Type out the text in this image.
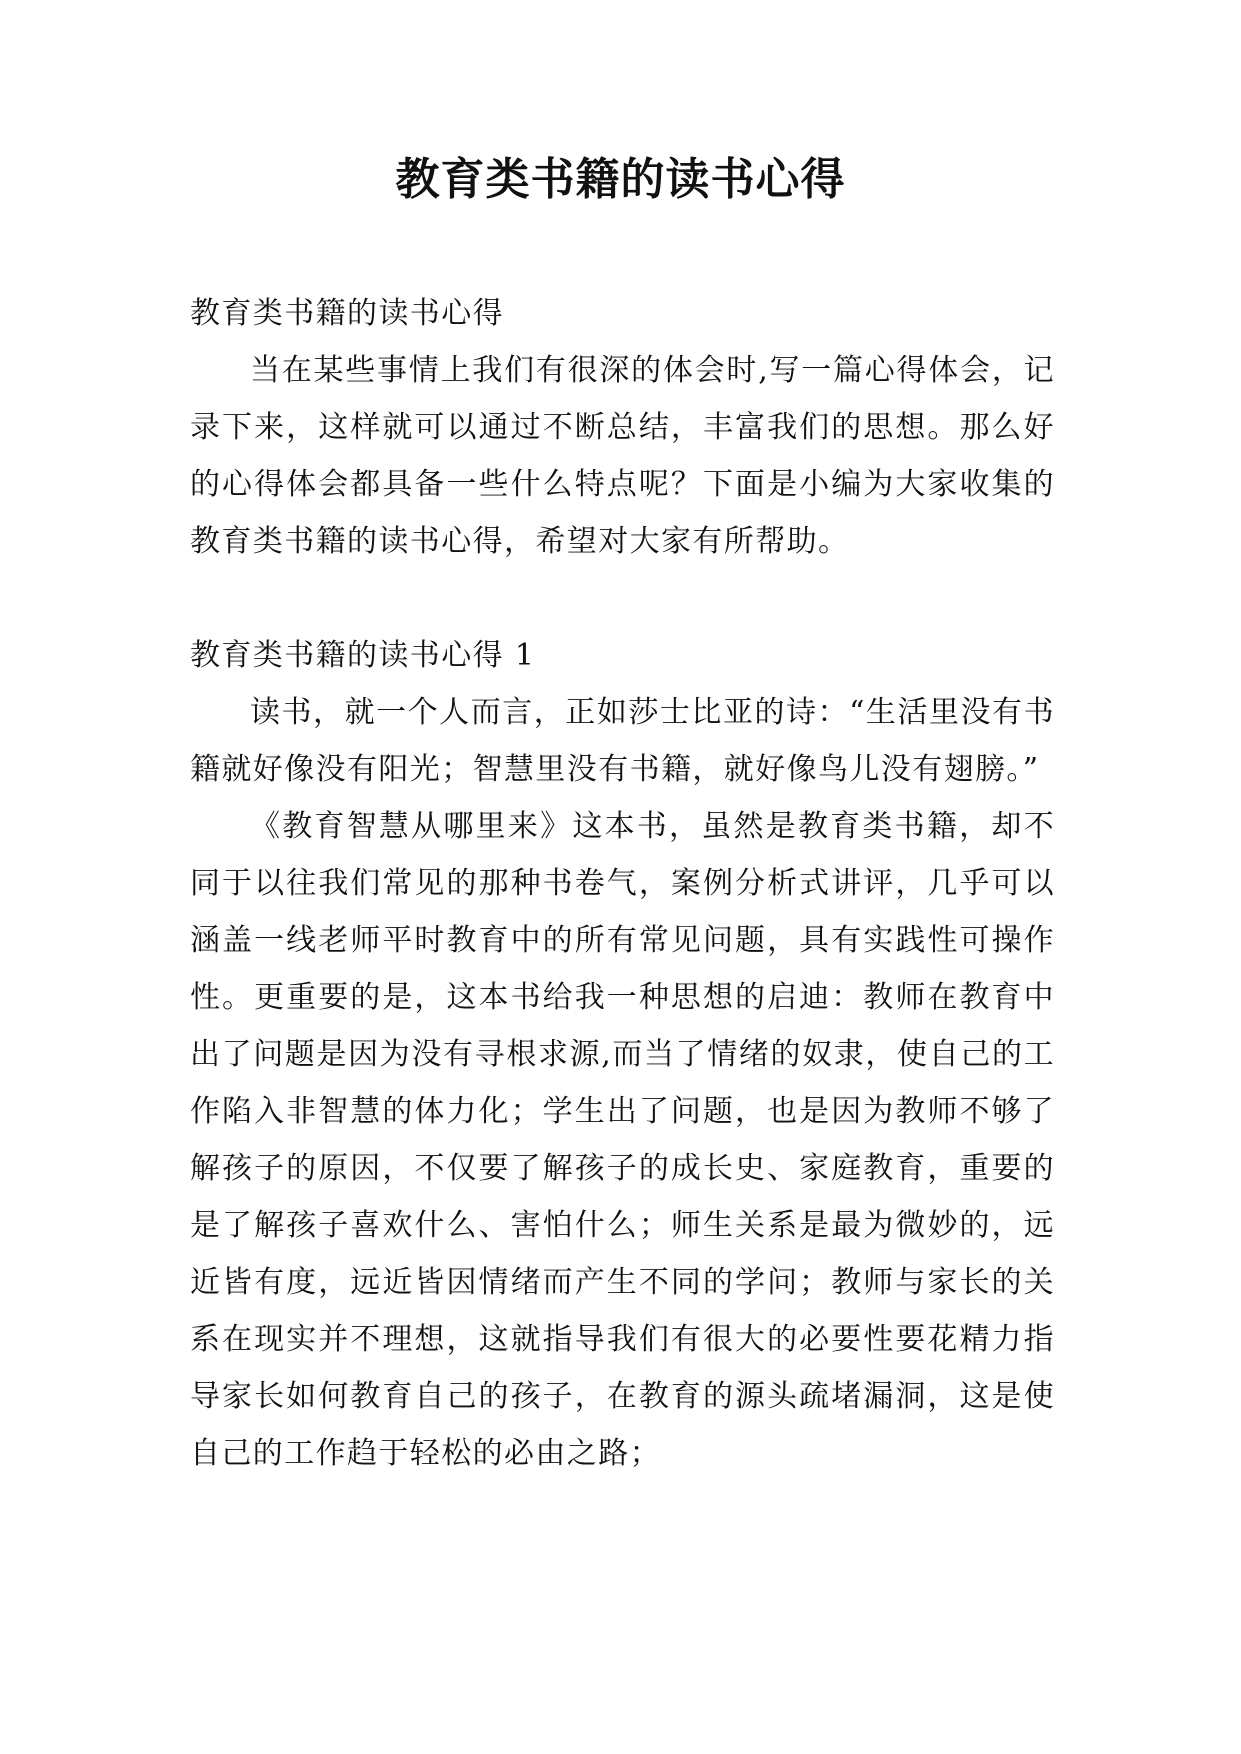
教育类书籍的读书心得
教育类书籍的读书心得

当在某些事情上我们有很深的体会时,写一篇心得体会，记录下来，这样就可以通过不断总结，丰富我们的思想。那么好的心得体会都具备一些什么特点呢？下面是小编为大家收集的教育类书籍的读书心得，希望对大家有所帮助。

教育类书籍的读书心得 1

读书，就一个人而言，正如莎士比亚的诗：“生活里没有书籍就好像没有阳光；智慧里没有书籍，就好像鸟儿没有翅膀。”

《教育智慧从哪里来》这本书，虽然是教育类书籍，却不同于以往我们常见的那种书卷气，案例分析式讲评，几乎可以涵盖一线老师平时教育中的所有常见问题，具有实践性可操作性。更重要的是，这本书给我一种思想的启迪：教师在教育中出了问题是因为没有寻根求源,而当了情绪的奴隶，使自己的工作陷入非智慧的体力化；学生出了问题，也是因为教师不够了解孩子的原因，不仅要了解孩子的成长史、家庭教育，重要的是了解孩子喜欢什么、害怕什么；师生关系是最为微妙的，远近皆有度，远近皆因情绪而产生不同的学问；教师与家长的关系在现实并不理想，这就指导我们有很大的必要性要花精力指导家长如何教育自己的孩子，在教育的源头疏堵漏洞，这是使自己的工作趋于轻松的必由之路；
